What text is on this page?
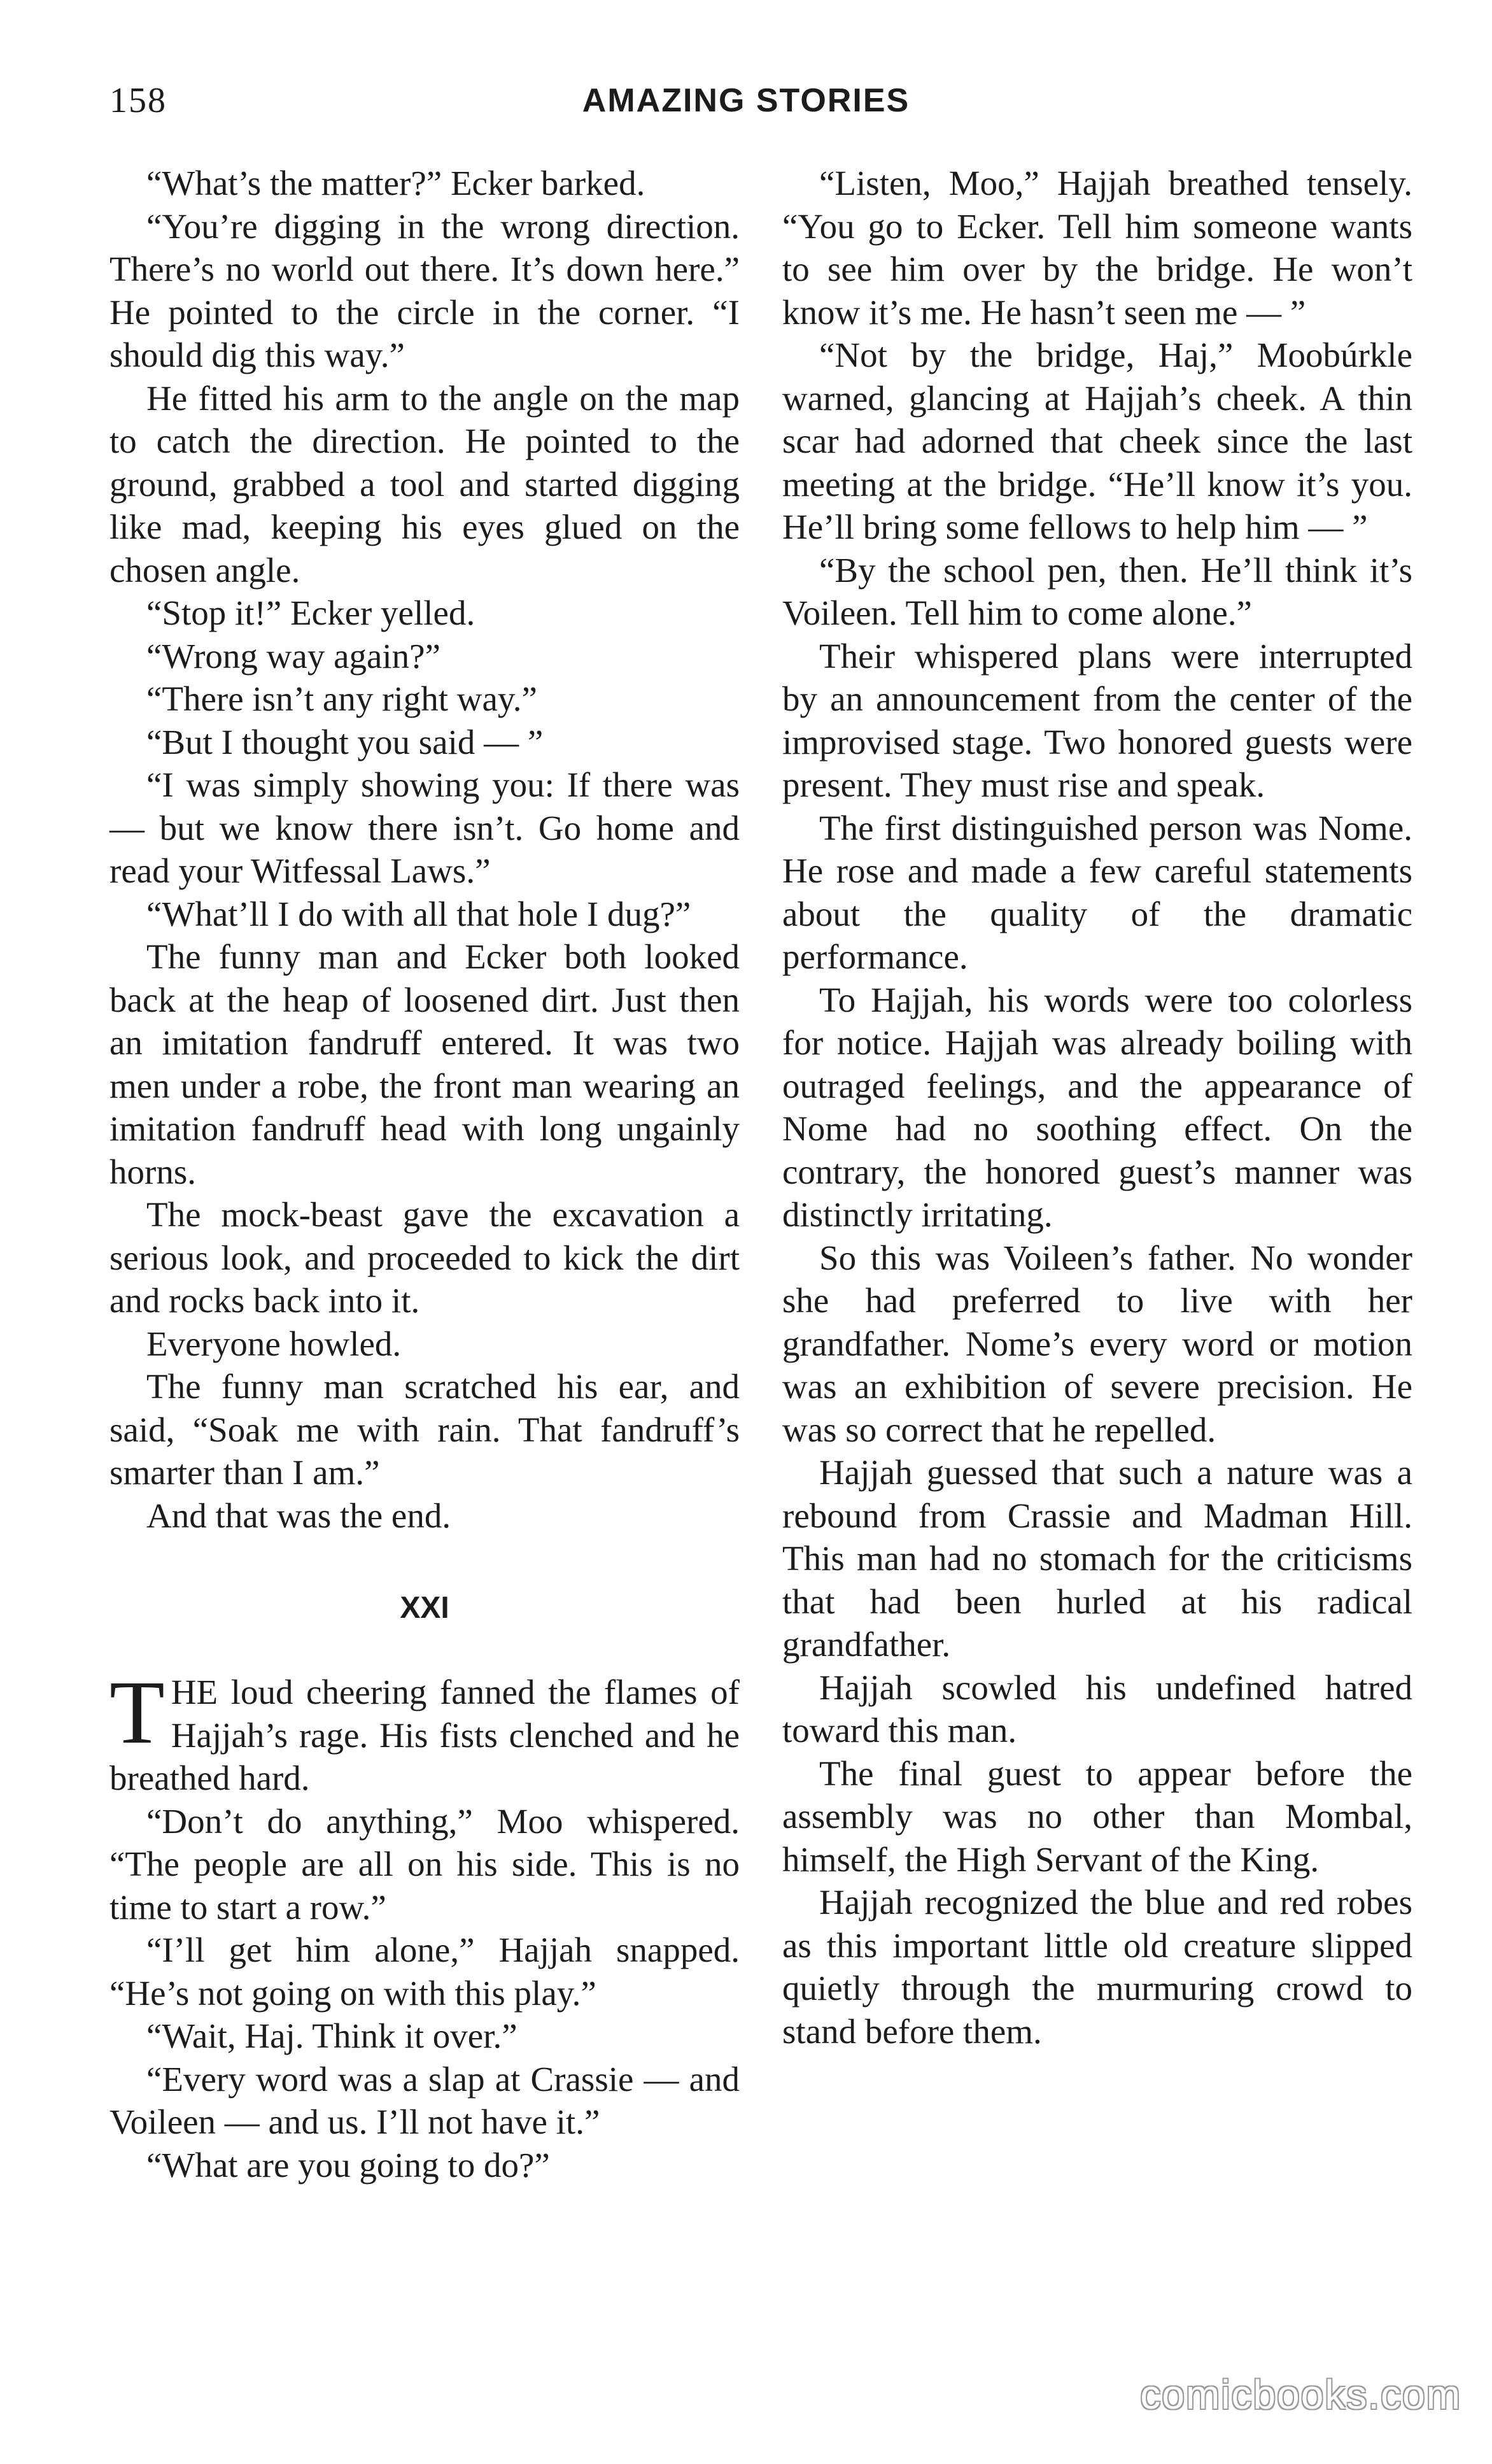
158	AMAZING STORIES

“What’s the matter?” Ecker barked.

“You’re digging in the wrong direction. There’s no world out there. It’s down here.” He pointed to the circle in the corner. “I should dig this way.”

He fitted his arm to the angle on the map to catch the direction. He pointed to the ground, grabbed a tool and started digging like mad, keeping his eyes glued on the chosen angle.

“Stop it!” Ecker yelled.

“Wrong way again?”

“There isn’t any right way.”

“But I thought you said — ”

“I was simply showing you: If there was — but we know there isn’t. Go home and read your Witfessal Laws.”

“What’ll I do with all that hole I dug?”

The funny man and Ecker both looked back at the heap of loosened dirt. Just then an imitation fandruff entered. It was two men under a robe, the front man wearing an imitation fandruff head with long ungainly horns.

The mock-beast gave the excavation a serious look, and proceeded to kick the dirt and rocks back into it.

Everyone howled.

The funny man scratched his ear, and said, “Soak me with rain. That fandruff’s smarter than I am.”

And that was the end.

XXI

THE loud cheering fanned the flames of Hajjah’s rage. His fists clenched and he breathed hard.

“Don’t do anything,” Moo whispered. “The people are all on his side. This is no time to start a row.”

“I’ll get him alone,” Hajjah snapped. “He’s not going on with this play.”

“Wait, Haj. Think it over.”

“Every word was a slap at Crassie — and Voileen — and us. I’ll not have it.”

“What are you going to do?”

“Listen, Moo,” Hajjah breathed tensely. “You go to Ecker. Tell him someone wants to see him over by the bridge. He won’t know it’s me. He hasn’t seen me — ”

“Not by the bridge, Haj,” Moobúrkle warned, glancing at Hajjah’s cheek. A thin scar had adorned that cheek since the last meeting at the bridge. “He’ll know it’s you. He’ll bring some fellows to help him — ”

“By the school pen, then. He’ll think it’s Voileen. Tell him to come alone.”

Their whispered plans were interrupted by an announcement from the center of the improvised stage. Two honored guests were present. They must rise and speak.

The first distinguished person was Nome. He rose and made a few careful statements about the quality of the dramatic performance.

To Hajjah, his words were too colorless for notice. Hajjah was already boiling with outraged feelings, and the appearance of Nome had no soothing effect. On the contrary, the honored guest’s manner was distinctly irritating.

So this was Voileen’s father. No wonder she had preferred to live with her grandfather. Nome’s every word or motion was an exhibition of severe precision. He was so correct that he repelled.

Hajjah guessed that such a nature was a rebound from Crassie and Madman Hill. This man had no stomach for the criticisms that had been hurled at his radical grandfather.

Hajjah scowled his undefined hatred toward this man.

The final guest to appear before the assembly was no other than Mombal, himself, the High Servant of the King.

Hajjah recognized the blue and red robes as this important little old creature slipped quietly through the murmuring crowd to stand before them.

comicbooks.com
